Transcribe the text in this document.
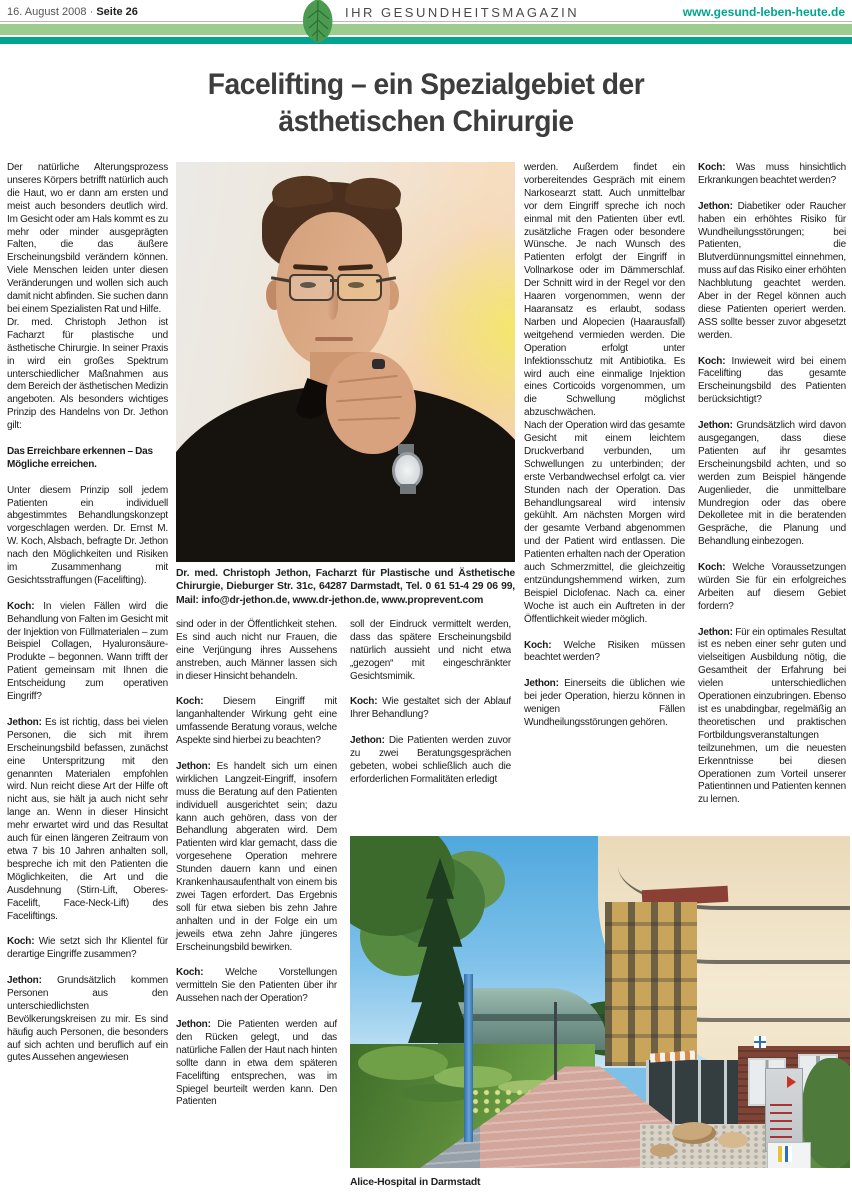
16. August 2008 · Seite 26	IHR GESUNDHEITSMAGAZIN	www.gesund-leben-heute.de
Facelifting – ein Spezialgebiet der ästhetischen Chirurgie

Der natürliche Alterungsprozess unseres Körpers betrifft natürlich auch die Haut, wo er dann am ersten und meist auch besonders deutlich wird. Im Gesicht oder am Hals kommt es zu mehr oder minder ausgeprägten Falten, die das äußere Erscheinungsbild verändern können. Viele Menschen leiden unter diesen Veränderungen und wollen sich auch damit nicht abfinden. Sie suchen dann bei einem Spezialisten Rat und Hilfe.

Dr. med. Christoph Jethon ist Facharzt für plastische und ästhetische Chirurgie. In seiner Praxis in wird ein großes Spektrum unterschiedlicher Maßnahmen aus dem Bereich der ästhetischen Medizin angeboten. Als besonders wichtiges Prinzip des Handelns von Dr. Jethon gilt:

Das Erreichbare erkennen – Das Mögliche erreichen.

Unter diesem Prinzip soll jedem Patienten ein individuell abgestimmtes Behandlungskonzept vorgeschlagen werden. Dr. Ernst M. W. Koch, Alsbach, befragte Dr. Jethon nach den Möglichkeiten und Risiken im Zusammenhang mit Gesichtsstraffungen (Facelifting).

Koch: In vielen Fällen wird die Behandlung von Falten im Gesicht mit der Injektion von Füllmaterialen – zum Beispiel Collagen, Hyaluronsäure-Produkte – begonnen. Wann trifft der Patient gemeinsam mit Ihnen die Entscheidung zum operativen Eingriff?

Jethon: Es ist richtig, dass bei vielen Personen, die sich mit ihrem Erscheinungsbild befassen, zunächst eine Unterspritzung mit den genannten Materialen empfohlen wird. Nun reicht diese Art der Hilfe oft nicht aus, sie hält ja auch nicht sehr lange an. Wenn in dieser Hinsicht mehr erwartet wird und das Resultat auch für einen längeren Zeitraum von etwa 7 bis 10 Jahren anhalten soll, bespreche ich mit den Patienten die Möglichkeiten, die Art und die Ausdehnung (Stirn-Lift, Oberes-Facelift, Face-Neck-Lift) des Faceliftings.

Koch: Wie setzt sich Ihr Klientel für derartige Eingriffe zusammen?

Jethon: Grundsätzlich kommen Personen aus den unterschiedlichsten Bevölkerungskreisen zu mir. Es sind häufig auch Personen, die besonders auf sich achten und beruflich auf ein gutes Aussehen angewiesen

Dr. med. Christoph Jethon, Facharzt für Plastische und Ästhetische Chirurgie, Dieburger Str. 31c, 64287 Darmstadt, Tel. 0 61 51-4 29 06 99, Mail: info@dr-jethon.de, www.dr-jethon.de, www.proprevent.com

sind oder in der Öffentlichkeit stehen. Es sind auch nicht nur Frauen, die eine Verjüngung ihres Aussehens anstreben, auch Männer lassen sich in dieser Hinsicht behandeln.

Koch: Diesem Eingriff mit langanhaltender Wirkung geht eine umfassende Beratung voraus, welche Aspekte sind hierbei zu beachten?

Jethon: Es handelt sich um einen wirklichen Langzeit-Eingriff, insofern muss die Beratung auf den Patienten individuell ausgerichtet sein; dazu kann auch gehören, dass von der Behandlung abgeraten wird. Dem Patienten wird klar gemacht, dass die vorgesehene Operation mehrere Stunden dauern kann und einen Krankenhausaufenthalt von einem bis zwei Tagen erfordert. Das Ergebnis soll für etwa sieben bis zehn Jahre anhalten und in der Folge ein um jeweils etwa zehn Jahre jüngeres Erscheinungsbild bewirken.

Koch: Welche Vorstellungen vermitteln Sie den Patienten über ihr Aussehen nach der Operation?

Jethon: Die Patienten werden auf den Rücken gelegt, und das natürliche Fallen der Haut nach hinten sollte dann in etwa dem späteren Facelifting entsprechen, was im Spiegel beurteilt werden kann. Den Patienten

soll der Eindruck vermittelt werden, dass das spätere Erscheinungsbild natürlich aussieht und nicht etwa „gezogen“ mit eingeschränkter Gesichtsmimik.

Koch: Wie gestaltet sich der Ablauf Ihrer Behandlung?

Jethon: Die Patienten werden zuvor zu zwei Beratungsgesprächen gebeten, wobei schließlich auch die erforderlichen Formalitäten erledigt

werden. Außerdem findet ein vorbereitendes Gespräch mit einem Narkosearzt statt. Auch unmittelbar vor dem Eingriff spreche ich noch einmal mit den Patienten über evtl. zusätzliche Fragen oder besondere Wünsche. Je nach Wunsch des Patienten erfolgt der Eingriff in Vollnarkose oder im Dämmerschlaf. Der Schnitt wird in der Regel vor den Haaren vorgenommen, wenn der Haaransatz es erlaubt, sodass Narben und Alopecien (Haarausfall) weitgehend vermieden werden. Die Operation erfolgt unter Infektionsschutz mit Antibiotika. Es wird auch eine einmalige Injektion eines Corticoids vorgenommen, um die Schwellung möglichst abzuschwächen.

Nach der Operation wird das gesamte Gesicht mit einem leichtem Druckverband verbunden, um Schwellungen zu unterbinden; der erste Verbandwechsel erfolgt ca. vier Stunden nach der Operation. Das Behandlungsareal wird intensiv gekühlt. Am nächsten Morgen wird der gesamte Verband abgenommen und der Patient wird entlassen. Die Patienten erhalten nach der Operation auch Schmerzmittel, die gleichzeitig entzündungshemmend wirken, zum Beispiel Diclofenac. Nach ca. einer Woche ist auch ein Auftreten in der Öffentlichkeit wieder möglich.

Koch: Welche Risiken müssen beachtet werden?

Jethon: Einerseits die üblichen wie bei jeder Operation, hierzu können in wenigen Fällen Wundheilungsstörungen gehören.

Koch: Was muss hinsichtlich Erkrankungen beachtet werden?

Jethon: Diabetiker oder Raucher haben ein erhöhtes Risiko für Wundheilungsstörungen; bei Patienten, die Blutverdünnungsmittel einnehmen, muss auf das Risiko einer erhöhten Nachblutung geachtet werden. Aber in der Regel können auch diese Patienten operiert werden. ASS sollte besser zuvor abgesetzt werden.

Koch: Inwieweit wird bei einem Facelifting das gesamte Erscheinungsbild des Patienten berücksichtigt?

Jethon: Grundsätzlich wird davon ausgegangen, dass diese Patienten auf ihr gesamtes Erscheinungsbild achten, und so werden zum Beispiel hängende Augenlieder, die unmittelbare Mundregion oder das obere Dekolletee mit in die beratenden Gespräche, die Planung und Behandlung einbezogen.

Koch: Welche Voraussetzungen würden Sie für ein erfolgreiches Arbeiten auf diesem Gebiet fordern?

Jethon: Für ein optimales Resultat ist es neben einer sehr guten und vielseitigen Ausbildung nötig, die Gesamtheit der Erfahrung bei vielen unterschiedlichen Operationen einzubringen. Ebenso ist es unabdingbar, regelmäßig an theoretischen und praktischen Fortbildungsveranstaltungen teilzunehmen, um die neuesten Erkenntnisse bei diesen Operationen zum Vorteil unserer Patientinnen und Patienten kennen zu lernen.

Alice-Hospital in Darmstadt
